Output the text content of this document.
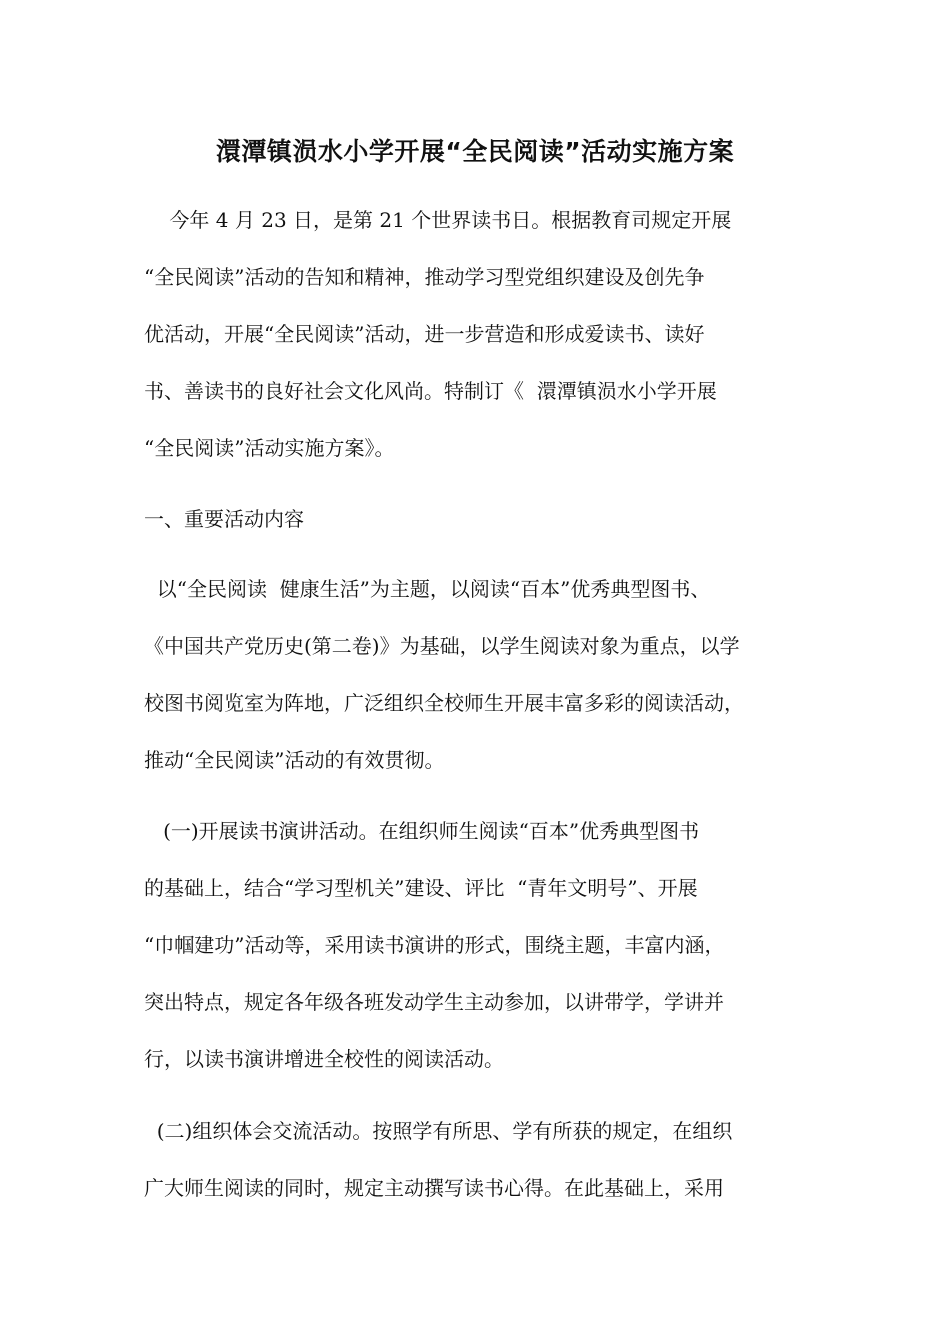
澴潭镇涢水小学开展“全民阅读”活动实施方案

今年 4 月 23 日，是第 21 个世界读书日。根据教育司规定开展

“全民阅读”活动的告知和精神，推动学习型党组织建设及创先争

优活动，开展“全民阅读”活动，进一步营造和形成爱读书、读好

书、善读书的良好社会文化风尚。特制订《  澴潭镇涢水小学开展

“全民阅读”活动实施方案》。

一、重要活动内容

以“全民阅读  健康生活”为主题，以阅读“百本”优秀典型图书、

《中国共产党历史(第二卷)》为基础，以学生阅读对象为重点，以学

校图书阅览室为阵地，广泛组织全校师生开展丰富多彩的阅读活动，

推动“全民阅读”活动的有效贯彻。

(一)开展读书演讲活动。在组织师生阅读“百本”优秀典型图书

的基础上，结合“学习型机关”建设、评比  “青年文明号”、开展

“巾帼建功”活动等，采用读书演讲的形式，围绕主题，丰富内涵，

突出特点，规定各年级各班发动学生主动参加，以讲带学，学讲并

行，以读书演讲增进全校性的阅读活动。

(二)组织体会交流活动。按照学有所思、学有所获的规定，在组织

广大师生阅读的同时，规定主动撰写读书心得。在此基础上，采用
